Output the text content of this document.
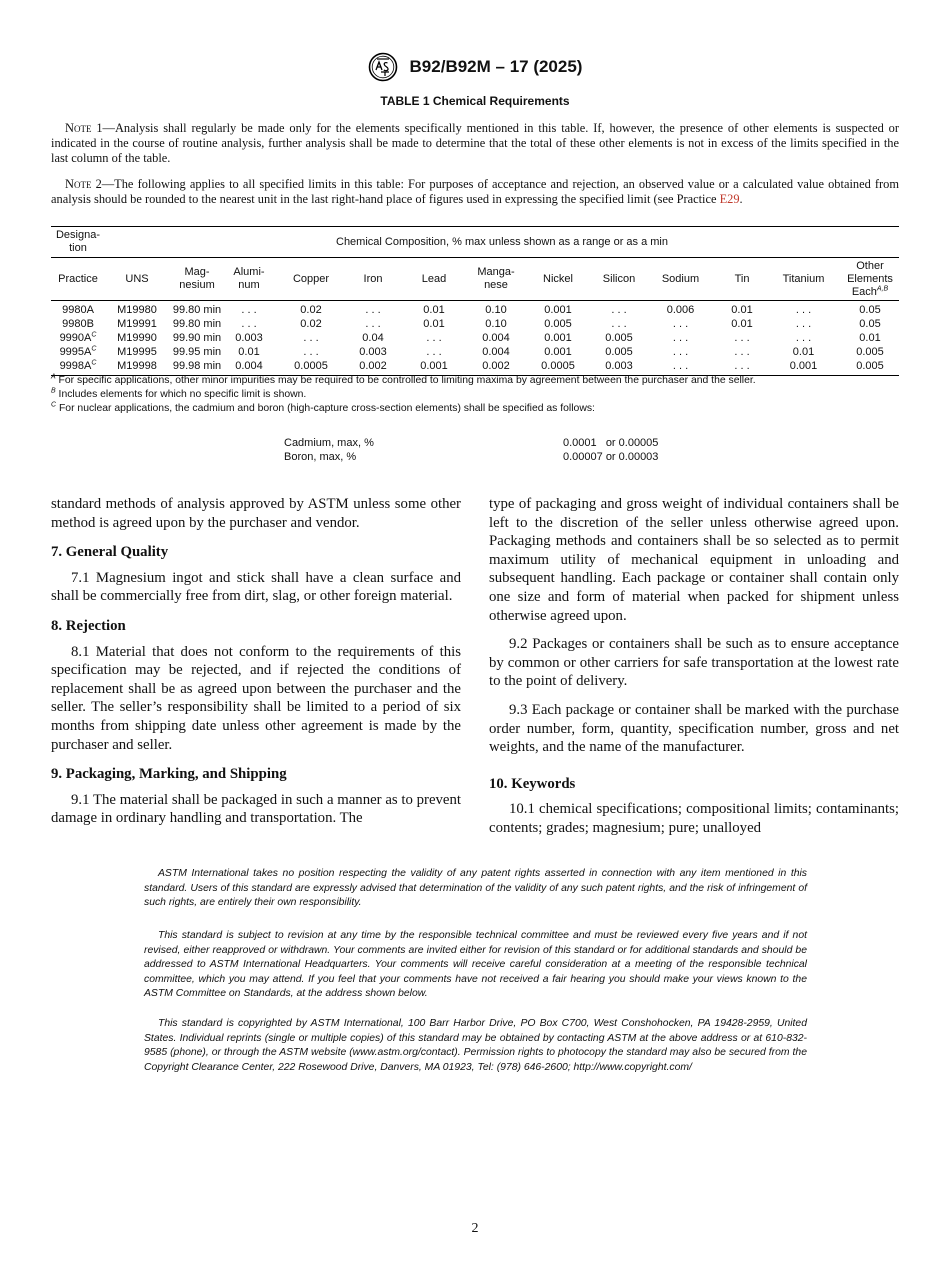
B92/B92M – 17 (2025)
TABLE 1 Chemical Requirements
Note 1—Analysis shall regularly be made only for the elements specifically mentioned in this table. If, however, the presence of other elements is suspected or indicated in the course of routine analysis, further analysis shall be made to determine that the total of these other elements is not in excess of the limits specified in the last column of the table.
Note 2—The following applies to all specified limits in this table: For purposes of acceptance and rejection, an observed value or a calculated value obtained from analysis should be rounded to the nearest unit in the last right-hand place of figures used in expressing the specified limit (see Practice E29.
Designa-tion	Chemical Composition, % max unless shown as a range or as a min												
Practice	UNS	Mag-nesium	Alumi-num	Copper	Iron	Lead	Manga-nese	Nickel	Silicon	Sodium	Tin	Titanium	Other Elements Each$^{A,B}$
9980A	M19980	99.80 min	. . .	0.02	. . .	0.01	0.10	0.001	. . .	0.006	0.01	. . .	0.05
9980B	M19991	99.80 min	. . .	0.02	. . .	0.01	0.10	0.005	. . .	. . .	0.01	. . .	0.05
$9990A^C$	M19990	99.90 min	0.003	. . .	0.04	. . .	0.004	0.001	0.005	. . .	. . .	. . .	0.01
$9995A^C$	M19995	99.95 min	0.01	. . .	0.003	. . .	0.004	0.001	0.005	. . .	. . .	0.01	0.005
$9998A^C$	M19998	99.98 min	0.004	0.0005	0.002	0.001	0.002	0.0005	0.003	. . .	. . .	0.001	0.005
$^A$ For specific applications, other minor impurities may be required to be controlled to limiting maxima by agreement between the purchaser and the seller.
$^B$ Includes elements for which no specific limit is shown.
$^C$ For nuclear applications, the cadmium and boron (high-capture cross-section elements) shall be specified as follows:
Cadmium, max, %	0.0001   or 0.00005
Boron, max, %	0.00007 or 0.00003

standard methods of analysis approved by ASTM unless some other method is agreed upon by the purchaser and vendor.

7. General Quality

7.1 Magnesium ingot and stick shall have a clean surface and shall be commercially free from dirt, slag, or other foreign material.

8. Rejection

8.1 Material that does not conform to the requirements of this specification may be rejected, and if rejected the conditions of replacement shall be as agreed upon between the purchaser and the seller. The seller’s responsibility shall be limited to a period of six months from shipping date unless other agreement is made by the purchaser and seller.

9. Packaging, Marking, and Shipping

9.1 The material shall be packaged in such a manner as to prevent damage in ordinary handling and transportation. The

type of packaging and gross weight of individual containers shall be left to the discretion of the seller unless otherwise agreed upon. Packaging methods and containers shall be so selected as to permit maximum utility of mechanical equipment in unloading and subsequent handling. Each package or container shall contain only one size and form of material when packed for shipment unless otherwise agreed upon.

9.2 Packages or containers shall be such as to ensure acceptance by common or other carriers for safe transportation at the lowest rate to the point of delivery.

9.3 Each package or container shall be marked with the purchase order number, form, quantity, specification number, gross and net weights, and the name of the manufacturer.

10. Keywords

10.1 chemical specifications; compositional limits; contaminants; contents; grades; magnesium; pure; unalloyed

ASTM International takes no position respecting the validity of any patent rights asserted in connection with any item mentioned in this standard. Users of this standard are expressly advised that determination of the validity of any such patent rights, and the risk of infringement of such rights, are entirely their own responsibility.

This standard is subject to revision at any time by the responsible technical committee and must be reviewed every five years and if not revised, either reapproved or withdrawn. Your comments are invited either for revision of this standard or for additional standards and should be addressed to ASTM International Headquarters. Your comments will receive careful consideration at a meeting of the responsible technical committee, which you may attend. If you feel that your comments have not received a fair hearing you should make your views known to the ASTM Committee on Standards, at the address shown below.

This standard is copyrighted by ASTM International, 100 Barr Harbor Drive, PO Box C700, West Conshohocken, PA 19428-2959, United States. Individual reprints (single or multiple copies) of this standard may be obtained by contacting ASTM at the above address or at 610-832-9585 (phone), or through the ASTM website (www.astm.org/contact). Permission rights to photocopy the standard may also be secured from the Copyright Clearance Center, 222 Rosewood Drive, Danvers, MA 01923, Tel: (978) 646-2600; http://www.copyright.com/

2
